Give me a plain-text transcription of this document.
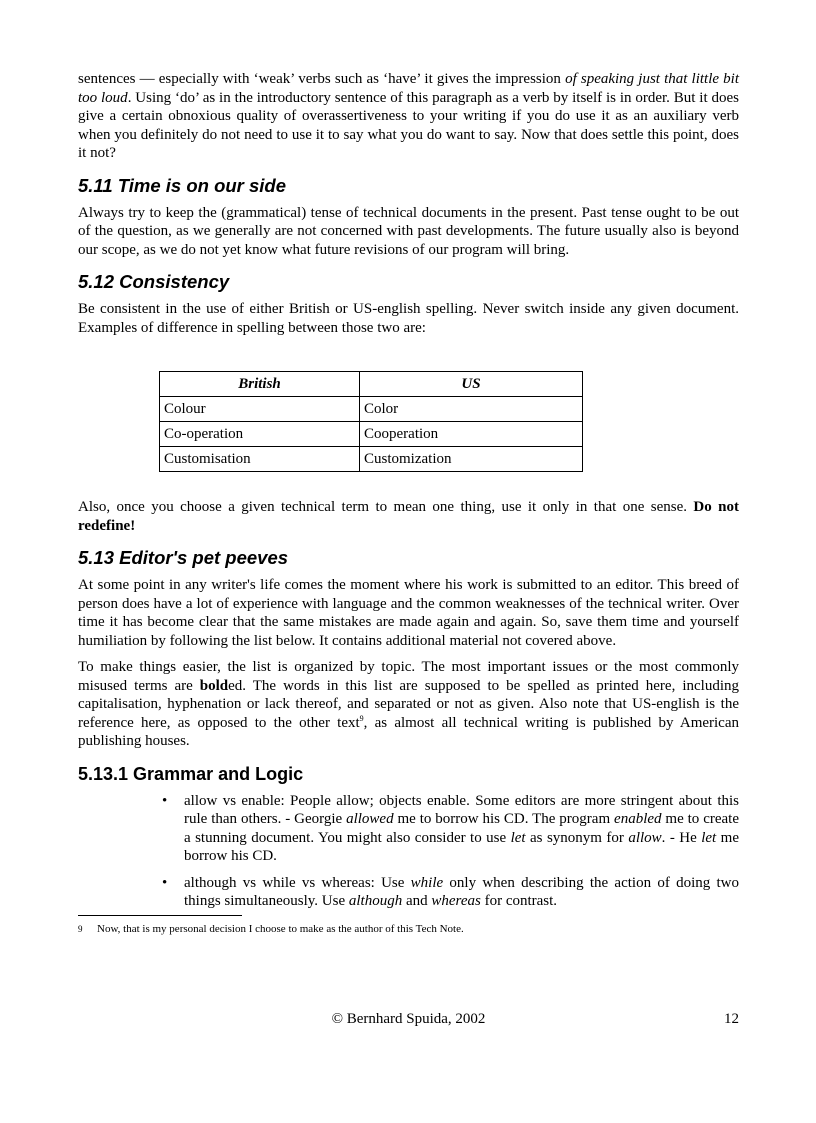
sentences — especially with ‘weak’ verbs such as ‘have’ it gives the impression of speaking just that little bit too loud. Using ‘do’ as in the introductory sentence of this paragraph as a verb by itself is in order. But it does give a certain obnoxious quality of overassertiveness to your writing if you do use it as an auxiliary verb when you definitely do not need to use it to say what you do want to say. Now that does settle this point, does it not?

5.11 Time is on our side

Always try to keep the (grammatical) tense of technical documents in the present. Past tense ought to be out of the question, as we generally are not concerned with past developments. The future usually also is beyond our scope, as we do not yet know what future revisions of our program will bring.

5.12 Consistency

Be consistent in the use of either British or US-english spelling. Never switch inside any given document. Examples of difference in spelling between those two are:

British	US
Colour	Color
Co-operation	Cooperation
Customisation	Customization

Also, once you choose a given technical term to mean one thing, use it only in that one sense. Do not redefine!

5.13 Editor's pet peeves

At some point in any writer's life comes the moment where his work is submitted to an editor. This breed of person does have a lot of experience with language and the common weaknesses of the technical writer. Over time it has become clear that the same mistakes are made again and again. So, save them time and yourself humiliation by following the list below. It contains additional material not covered above.

To make things easier, the list is organized by topic. The most important issues or the most commonly misused terms are bolded. The words in this list are supposed to be spelled as printed here, including capitalisation, hyphenation or lack thereof, and separated or not as given. Also note that US-english is the reference here, as opposed to the other text$^9$, as almost all technical writing is published by American publishing houses.

5.13.1 Grammar and Logic
• allow vs enable: People allow; objects enable. Some editors are more stringent about this rule than others. - Georgie allowed me to borrow his CD. The program enabled me to create a stunning document. You might also consider to use let as synonym for allow. - He let me borrow his CD.
• although vs while vs whereas: Use while only when describing the action of doing two things simultaneously. Use although and whereas for contrast.
9 Now, that is my personal decision I choose to make as the author of this Tech Note.
© Bernhard Spuida, 2002	12
